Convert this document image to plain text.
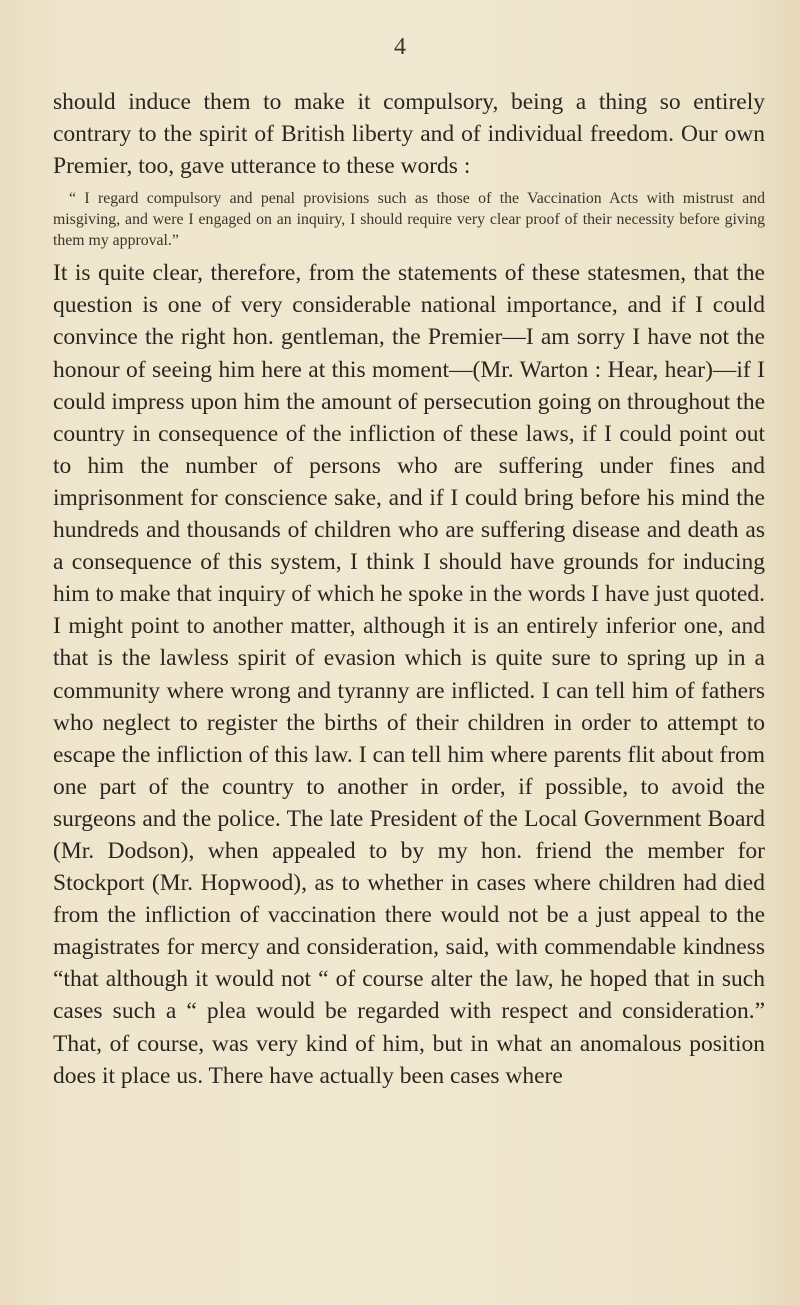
4

should induce them to make it compulsory, being a thing so entirely contrary to the spirit of British liberty and of individual freedom. Our own Premier, too, gave utterance to these words :

“ I regard compulsory and penal provisions such as those of the Vaccination Acts with mistrust and misgiving, and were I engaged on an inquiry, I should require very clear proof of their necessity before giving them my approval.”

It is quite clear, therefore, from the statements of these statesmen, that the question is one of very considerable national importance, and if I could convince the right hon. gentleman, the Premier—I am sorry I have not the honour of seeing him here at this moment—(Mr. Warton : Hear, hear)—if I could impress upon him the amount of persecution going on throughout the country in consequence of the infliction of these laws, if I could point out to him the number of persons who are suffering under fines and imprisonment for conscience sake, and if I could bring before his mind the hundreds and thousands of children who are suffering disease and death as a consequence of this system, I think I should have grounds for inducing him to make that inquiry of which he spoke in the words I have just quoted. I might point to another matter, although it is an entirely inferior one, and that is the lawless spirit of evasion which is quite sure to spring up in a community where wrong and tyranny are inflicted. I can tell him of fathers who neglect to register the births of their children in order to attempt to escape the infliction of this law. I can tell him where parents flit about from one part of the country to another in order, if possible, to avoid the surgeons and the police. The late President of the Local Government Board (Mr. Dodson), when appealed to by my hon. friend the member for Stockport (Mr. Hopwood), as to whether in cases where children had died from the infliction of vaccination there would not be a just appeal to the magistrates for mercy and consideration, said, with commendable kindness “that although it would not “ of course alter the law, he hoped that in such cases such a “ plea would be regarded with respect and consideration.” That, of course, was very kind of him, but in what an anomalous position does it place us. There have actually been cases where
